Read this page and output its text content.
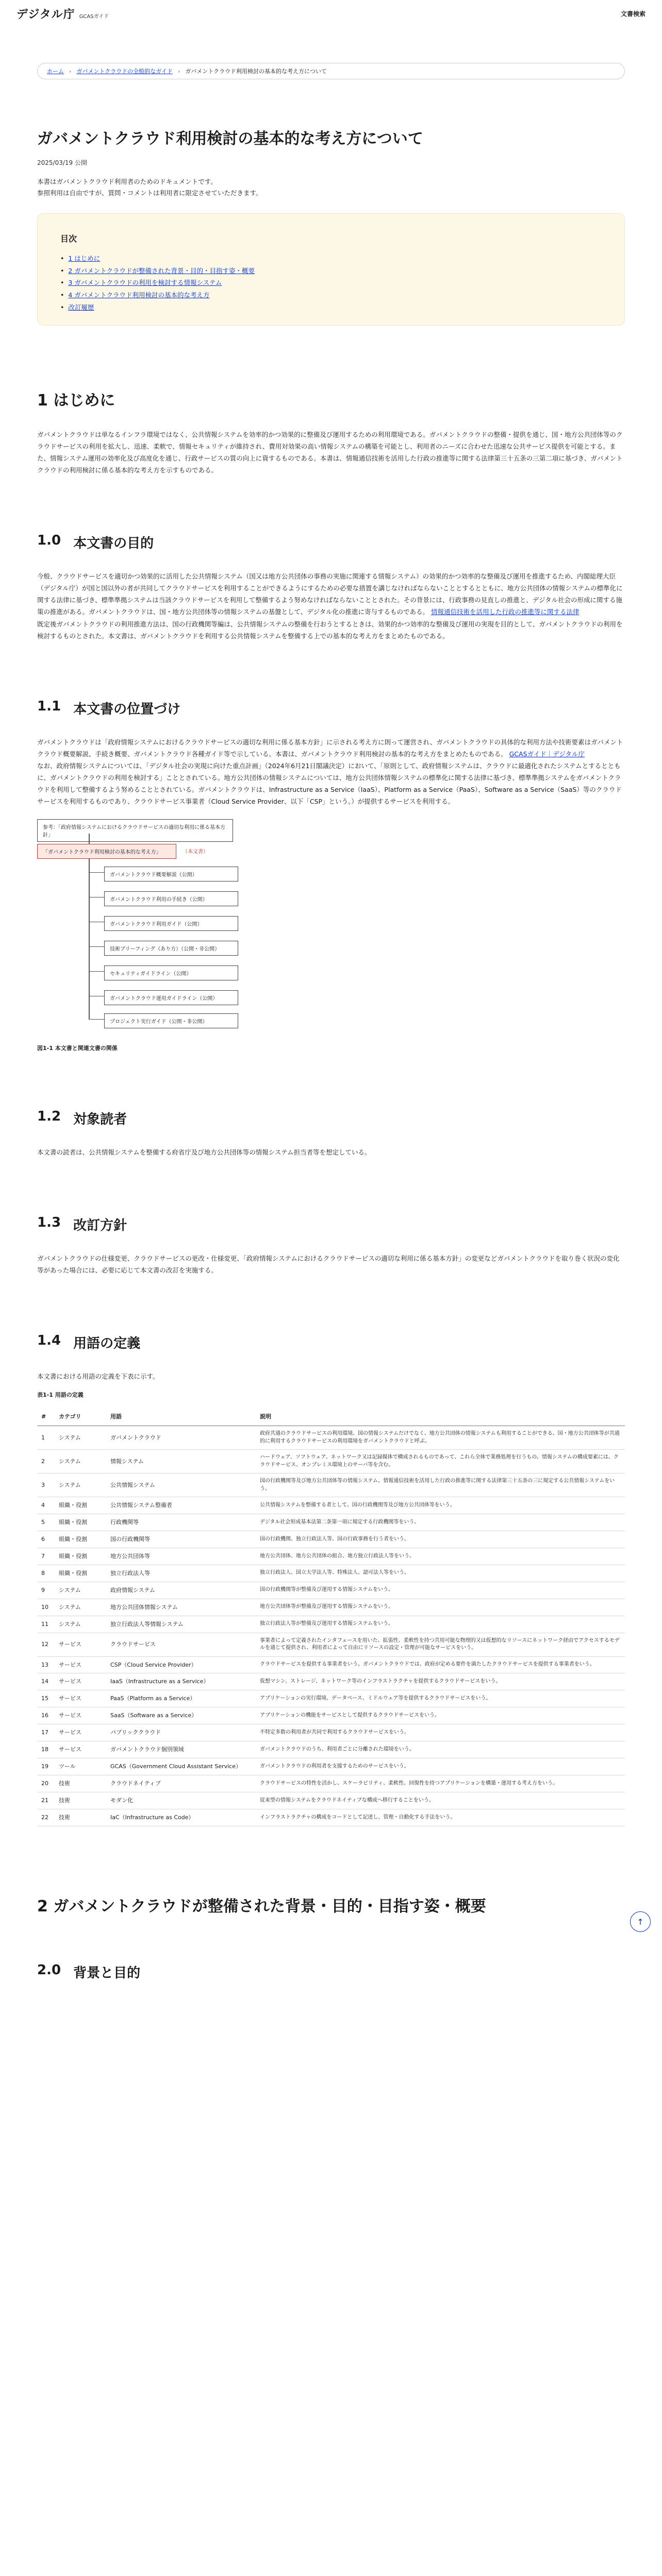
デジタル庁 GCASガイド	文書検索
ホーム › ガバメントクラウドの全般的なガイド › ガバメントクラウド利用検討の基本的な考え方について
ガバメントクラウド利用検討の基本的な考え方について
2025/03/19 公開

本書はガバメントクラウド利用者のためのドキュメントです。

参照利用は自由ですが、質問・コメントは利用者に限定させていただきます。

目次
• 1 はじめに
• 2 ガバメントクラウドが整備された背景・目的・目指す姿・概要
• 3 ガバメントクラウドの利用を検討する情報システム
• 4 ガバメントクラウド利用検討の基本的な考え方
• 改訂履歴
1 はじめに

ガバメントクラウドは単なるインフラ環境ではなく、公共情報システムを効率的かつ効果的に整備及び運用するための利用環境である。ガバメントクラウドの整備・提供を通じ、国・地方公共団体等のクラウドサービスの利用を拡大し、迅速、柔軟で、情報セキュリティが維持され、費用対効果の高い情報システムの構築を可能とし、利用者のニーズに合わせた迅速な公共サービス提供を可能とする。また、情報システム運用の効率化及び高度化を通じ、行政サービスの質の向上に資するものである。本書は、情報通信技術を活用した行政の推進等に関する法律第三十五条の三第二項に基づき、ガバメントクラウドの利用検討に係る基本的な考え方を示すものである。

1.0 本文書の目的

今般、クラウドサービスを適切かつ効果的に活用した公共情報システム（国又は地方公共団体の事務の実施に関連する情報システム）の効果的かつ効率的な整備及び運用を推進するため、内閣総理大臣（デジタル庁）が国と国以外の者が共同してクラウドサービスを利用することができるようにするための必要な措置を講じなければならないこととするとともに、地方公共団体の情報システムの標準化に関する法律に基づき、標準準拠システムは当該クラウドサービスを利用して整備するよう努めなければならないこととされた。その背景には、行政事務の見直しの推進と、デジタル社会の形成に関する施策の推進がある。ガバメントクラウドは、国・地方公共団体等の情報システムの基盤として、デジタル化の推進に寄与するものである。 情報通信技術を活用した行政の推進等に関する法律

既定後ガバメントクラウドの利用推進方法は、国の行政機関等編は、公共情報システムの整備を行おうとするときは、効果的かつ効率的な整備及び運用の実現を目的として、ガバメントクラウドの利用を検討するものとされた。本文書は、ガバメントクラウドを利用する公共情報システムを整備する上での基本的な考え方をまとめたものである。

1.1 本文書の位置づけ

ガバメントクラウドは「政府情報システムにおけるクラウドサービスの適切な利用に係る基本方針」に示される考え方に則って運営され、ガバメントクラウドの具体的な利用方法や技術要素はガバメントクラウド概要解説、手続き概要、ガバメントクラウド各種ガイド等で示している。本書は、ガバメントクラウド利用検討の基本的な考え方をまとめたものである。 GCASガイド｜デジタル庁

なお、政府情報システムについては、「デジタル社会の実現に向けた重点計画」（2024年6月21日閣議決定）において、「原則として、政府情報システムは、クラウドに最適化されたシステムとするとともに、ガバメントクラウドの利用を検討する」こととされている。地方公共団体の情報システムについては、地方公共団体情報システムの標準化に関する法律に基づき、標準準拠システムをガバメントクラウドを利用して整備するよう努めることとされている。ガバメントクラウドは、Infrastructure as a Service（IaaS）、Platform as a Service（PaaS）、Software as a Service（SaaS）等のクラウドサービスを利用するものであり、クラウドサービス事業者（Cloud Service Provider、以下「CSP」という。）が提供するサービスを利用する。

参考：「政府情報システムにおけるクラウドサービスの適切な利用に係る基本方針」
「ガバメントクラウド利用検討の基本的な考え方」	（本文書）
ガバメントクラウド概要解説（公開）
ガバメントクラウド利用の手続き（公開）
ガバメントクラウド利用ガイド（公開）
技術ブリーフィング（あり方）（公開・非公開）
セキュリティガイドライン（公開）
ガバメントクラウド運用ガイドライン（公開）
プロジェクト実行ガイド（公開・非公開）
図1-1 本文書と関連文書の関係
1.2 対象読者

本文書の読者は、公共情報システムを整備する府省庁及び地方公共団体等の情報システム担当者等を想定している。

1.3 改訂方針

ガバメントクラウドの仕様変更、クラウドサービスの更改・仕様変更、「政府情報システムにおけるクラウドサービスの適切な利用に係る基本方針」の変更などガバメントクラウドを取り巻く状況の変化等があった場合には、必要に応じて本文書の改訂を実施する。

1.4 用語の定義

本文書における用語の定義を下表に示す。

表1-1 用語の定義
#	カテゴリ	用語	説明
1	システム	ガバメントクラウド	政府共通のクラウドサービスの利用環境。国の情報システムだけでなく、地方公共団体の情報システムも利用することができる。国・地方公共団体等が共通的に利用するクラウドサービスの利用環境をガバメントクラウドと呼ぶ。
2	システム	情報システム	ハードウェア、ソフトウェア、ネットワーク又は記録媒体で構成されるものであって、これら全体で業務処理を行うもの。情報システムの構成要素には、クラウドサービス、オンプレミス環境上のサーバ等を含む。
3	システム	公共情報システム	国の行政機関等及び地方公共団体等の情報システム。情報通信技術を活用した行政の推進等に関する法律第三十五条の三に規定する公共情報システムをいう。
4	組織・役割	公共情報システム整備者	公共情報システムを整備する者として、国の行政機関等及び地方公共団体等をいう。
5	組織・役割	行政機関等	デジタル社会形成基本法第二条第一項に規定する行政機関等をいう。
6	組織・役割	国の行政機関等	国の行政機関、独立行政法人等、国の行政事務を行う者をいう。
7	組織・役割	地方公共団体等	地方公共団体、地方公共団体の組合、地方独立行政法人等をいう。
8	組織・役割	独立行政法人等	独立行政法人、国立大学法人等、特殊法人、認可法人等をいう。
9	システム	政府情報システム	国の行政機関等が整備及び運用する情報システムをいう。
10	システム	地方公共団体情報システム	地方公共団体等が整備及び運用する情報システムをいう。
11	システム	独立行政法人等情報システム	独立行政法人等が整備及び運用する情報システムをいう。
12	サービス	クラウドサービス	事業者によって定義されたインタフェースを用いた、拡張性、柔軟性を持つ共用可能な物理的又は仮想的なリソースにネットワーク経由でアクセスするモデルを通じて提供され、利用者によって自由にリソースの設定・管理が可能なサービスをいう。
13	サービス	CSP（Cloud Service Provider）	クラウドサービスを提供する事業者をいう。ガバメントクラウドでは、政府が定める要件を満たしたクラウドサービスを提供する事業者をいう。
14	サービス	IaaS（Infrastructure as a Service）	仮想マシン、ストレージ、ネットワーク等のインフラストラクチャを提供するクラウドサービスをいう。
15	サービス	PaaS（Platform as a Service）	アプリケーションの実行環境、データベース、ミドルウェア等を提供するクラウドサービスをいう。
16	サービス	SaaS（Software as a Service）	アプリケーションの機能をサービスとして提供するクラウドサービスをいう。
17	サービス	パブリッククラウド	不特定多数の利用者が共同で利用するクラウドサービスをいう。
18	サービス	ガバメントクラウド個別領域	ガバメントクラウドのうち、利用者ごとに分離された環境をいう。
19	ツール	GCAS（Government Cloud Assistant Service）	ガバメントクラウドの利用者を支援するためのサービスをいう。
20	技術	クラウドネイティブ	クラウドサービスの特性を活かし、スケーラビリティ、柔軟性、回復性を持つアプリケーションを構築・運用する考え方をいう。
21	技術	モダン化	従来型の情報システムをクラウドネイティブな構成へ移行することをいう。
22	技術	IaC（Infrastructure as Code）	インフラストラクチャの構成をコードとして記述し、管理・自動化する手法をいう。
2 ガバメントクラウドが整備された背景・目的・目指す姿・概要
2.0 背景と目的
↑
